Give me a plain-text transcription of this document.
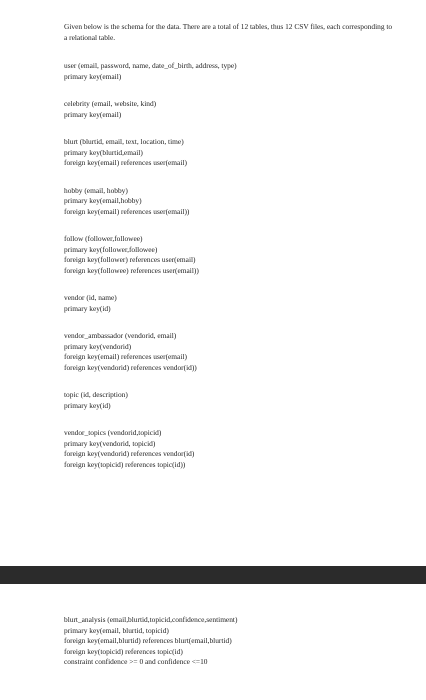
Given below is the schema for the data. There are a total of 12 tables, thus 12 CSV files, each corresponding to a relational table.

user (email, password, name, date_of_birth, address, type)
primary key(email)
celebrity (email, website, kind)
primary key(email)
blurt (blurtid, email, text, location, time)
primary key(blurtid,email)
foreign key(email) references user(email)
hobby (email, hobby)
primary key(email,hobby)
foreign key(email) references user(email))
follow (follower,followee)
primary key(follower,followee)
foreign key(follower) references user(email)
foreign key(followee) references user(email))
vendor (id, name)
primary key(id)
vendor_ambassador (vendorid, email)
primary key(vendorid)
foreign key(email) references user(email)
foreign key(vendorid) references vendor(id))
topic (id, description)
primary key(id)
vendor_topics (vendorid,topicid)
primary key(vendorid, topicid)
foreign key(vendorid) references vendor(id)
foreign key(topicid) references topic(id))
blurt_analysis (email,blurtid,topicid,confidence,sentiment)
primary key(email, blurtid, topicid)
foreign key(email,blurtid) references blurt(email,blurtid)
foreign key(topicid) references topic(id)
constraint confidence >= 0 and confidence <=10
